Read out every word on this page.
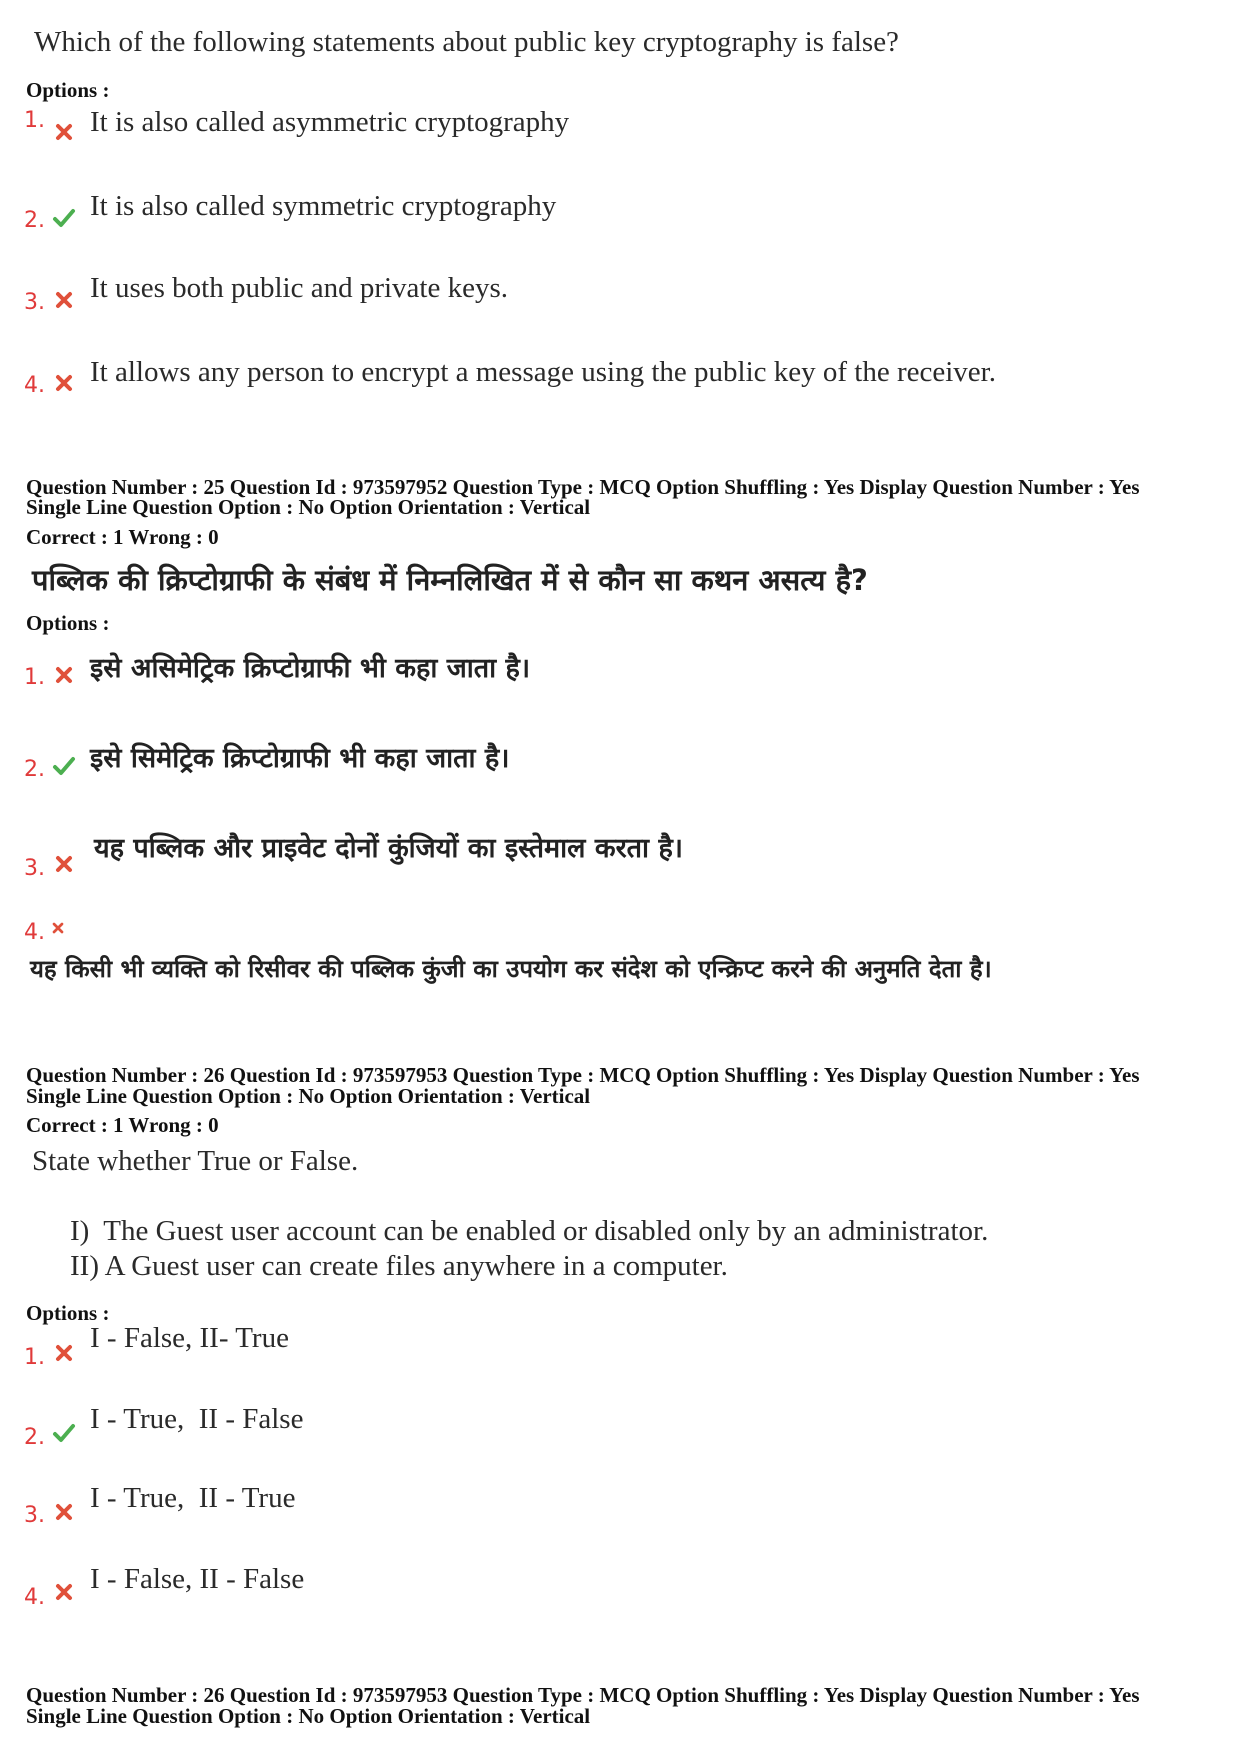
Which of the following statements about public key cryptography is false?
Options :
1. It is also called asymmetric cryptography
2. It is also called symmetric cryptography
3. It uses both public and private keys.
4. It allows any person to encrypt a message using the public key of the receiver.
Question Number : 25 Question Id : 973597952 Question Type : MCQ Option Shuffling : Yes Display Question Number : Yes
Single Line Question Option : No Option Orientation : Vertical
Correct : 1 Wrong : 0
पब्लिक की क्रिप्टोग्राफी के संबंध में निम्नलिखित में से कौन सा कथन असत्य है?
Options :
1. इसे असिमेट्रिक क्रिप्टोग्राफी भी कहा जाता है।
2. इसे सिमेट्रिक क्रिप्टोग्राफी भी कहा जाता है।
3.
यह पब्लिक और प्राइवेट दोनों कुंजियों का इस्तेमाल करता है।
4.
यह किसी भी व्यक्ति को रिसीवर की पब्लिक कुंजी का उपयोग कर संदेश को एन्क्रिप्ट करने की अनुमति देता है।
Question Number : 26 Question Id : 973597953 Question Type : MCQ Option Shuffling : Yes Display Question Number : Yes
Single Line Question Option : No Option Orientation : Vertical
Correct : 1 Wrong : 0
State whether True or False.
I)  The Guest user account can be enabled or disabled only by an administrator.
II) A Guest user can create files anywhere in a computer.
Options :
1.
I - False, II- True
2.
I - True,  II - False
3.
I - True,  II - True
4.
I - False, II - False
Question Number : 26 Question Id : 973597953 Question Type : MCQ Option Shuffling : Yes Display Question Number : Yes
Single Line Question Option : No Option Orientation : Vertical
